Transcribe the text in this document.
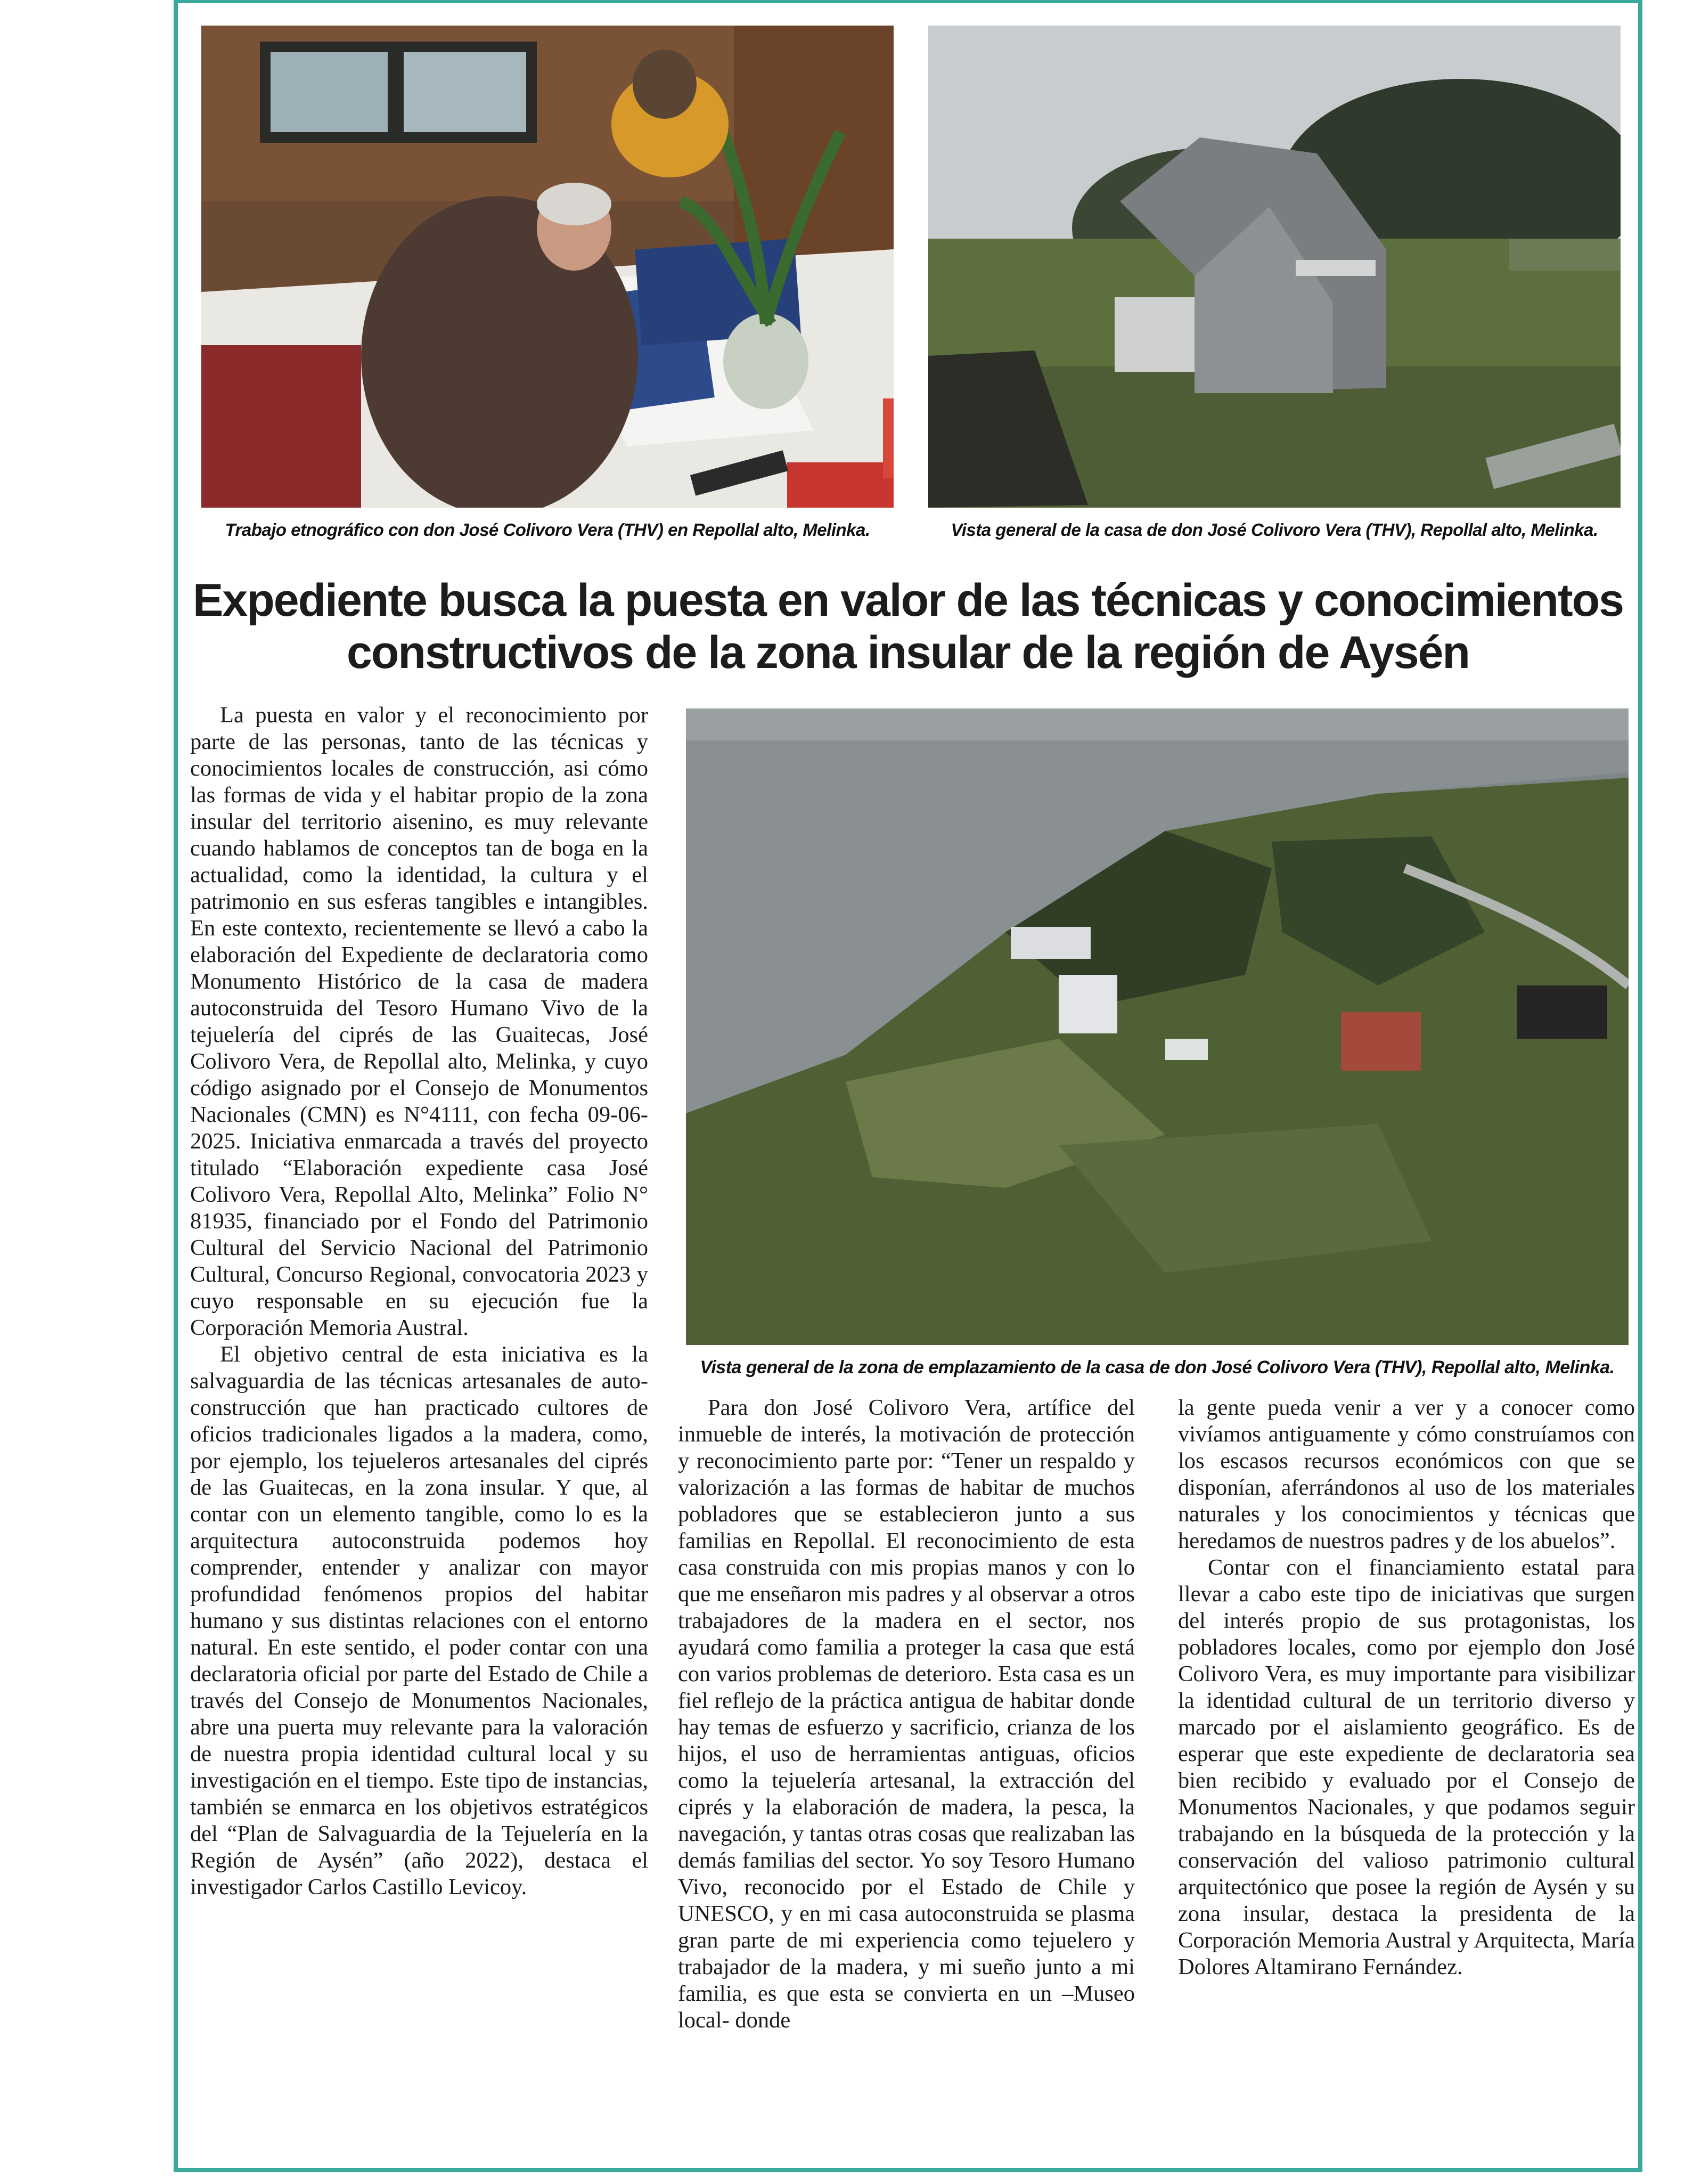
Trabajo etnográfico con don José Colivoro Vera (THV) en Repollal alto, Melinka.	Vista general de la casa de don José Colivoro Vera (THV), Repollal alto, Melinka.
Expediente busca la puesta en valor de las técnicas y conocimientos constructivos de la zona insular de la región de Aysén

La puesta en valor y el reconocimiento por parte de las personas, tanto de las técnicas y conocimientos locales de construcción, asi cómo las formas de vida y el habitar propio de la zona insular del territorio aisenino, es muy relevante cuando hablamos de conceptos tan de boga en la actualidad, como la identidad, la cultura y el patrimonio en sus esferas tangibles e intangibles. En este contexto, recientemente se llevó a cabo la elaboración del Expediente de declaratoria como Monumento Histórico de la casa de madera autoconstruida del Tesoro Humano Vivo de la tejuelería del ciprés de las Guaitecas, José Colivoro Vera, de Repollal alto, Melinka, y cuyo código asignado por el Consejo de Monumentos Nacionales (CMN) es N°4111, con fecha 09-06-2025. Iniciativa enmarcada a través del proyecto titulado “Elaboración expediente casa José Colivoro Vera, Repollal Alto, Melinka” Folio N° 81935, financiado por el Fondo del Patrimonio Cultural del Servicio Nacional del Patrimonio Cultural, Concurso Regional, convocatoria 2023 y cuyo responsable en su ejecución fue la Corporación Memoria Austral.

El objetivo central de esta iniciativa es la salvaguardia de las técnicas artesanales de auto-construcción que han practicado cultores de oficios tradicionales ligados a la madera, como, por ejemplo, los tejueleros artesanales del ciprés de las Guaitecas, en la zona insular. Y que, al contar con un elemento tangible, como lo es la arquitectura autoconstruida podemos hoy comprender, entender y analizar con mayor profundidad fenómenos propios del habitar humano y sus distintas relaciones con el entorno natural. En este sentido, el poder contar con una declaratoria oficial por parte del Estado de Chile a través del Consejo de Monumentos Nacionales, abre una puerta muy relevante para la valoración de nuestra propia identidad cultural local y su investigación en el tiempo. Este tipo de instancias, también se enmarca en los objetivos estratégicos del “Plan de Salvaguardia de la Tejuelería en la Región de Aysén” (año 2022), destaca el investigador Carlos Castillo Levicoy.

Vista general de la zona de emplazamiento de la casa de don José Colivoro Vera (THV), Repollal alto, Melinka.

Para don José Colivoro Vera, artífice del inmueble de interés, la motivación de protección y reconocimiento parte por: “Tener un respaldo y valorización a las formas de habitar de muchos pobladores que se establecieron junto a sus familias en Repollal. El reconocimiento de esta casa construida con mis propias manos y con lo que me enseñaron mis padres y al observar a otros trabajadores de la madera en el sector, nos ayudará como familia a proteger la casa que está con varios problemas de deterioro. Esta casa es un fiel reflejo de la práctica antigua de habitar donde hay temas de esfuerzo y sacrificio, crianza de los hijos, el uso de herramientas antiguas, oficios como la tejuelería artesanal, la extracción del ciprés y la elaboración de madera, la pesca, la navegación, y tantas otras cosas que realizaban las demás familias del sector. Yo soy Tesoro Humano Vivo, reconocido por el Estado de Chile y UNESCO, y en mi casa autoconstruida se plasma gran parte de mi experiencia como tejuelero y trabajador de la madera, y mi sueño junto a mi familia, es que esta se convierta en un –Museo local- donde

la gente pueda venir a ver y a conocer como vivíamos antiguamente y cómo construíamos con los escasos recursos económicos con que se disponían, aferrándonos al uso de los materiales naturales y los conocimientos y técnicas que heredamos de nuestros padres y de los abuelos”.

Contar con el financiamiento estatal para llevar a cabo este tipo de iniciativas que surgen del interés propio de sus protagonistas, los pobladores locales, como por ejemplo don José Colivoro Vera, es muy importante para visibilizar la identidad cultural de un territorio diverso y marcado por el aislamiento geográfico. Es de esperar que este expediente de declaratoria sea bien recibido y evaluado por el Consejo de Monumentos Nacionales, y que podamos seguir trabajando en la búsqueda de la protección y la conservación del valioso patrimonio cultural arquitectónico que posee la región de Aysén y su zona insular, destaca la presidenta de la Corporación Memoria Austral y Arquitecta, María Dolores Altamirano Fernández.
